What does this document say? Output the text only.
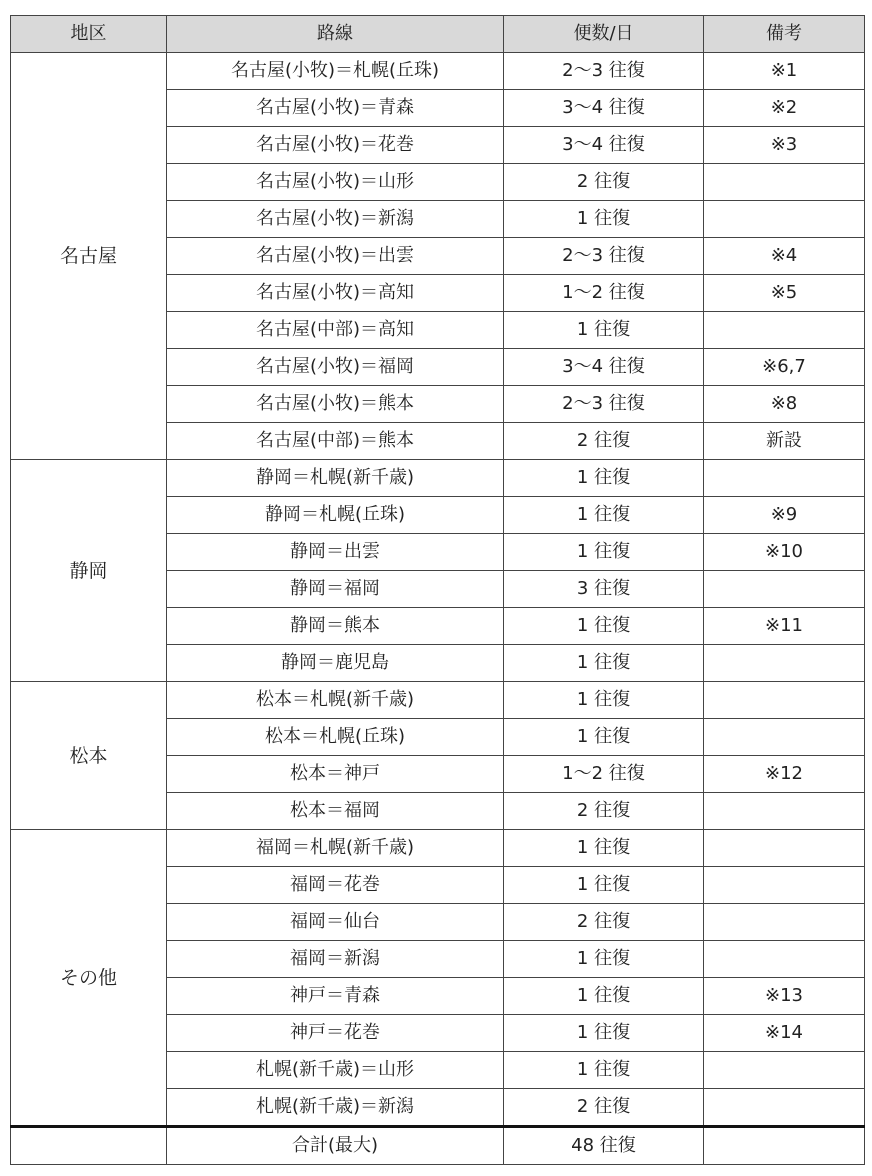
地区	路線	便数/日	備考
名古屋	名古屋(小牧)＝札幌(丘珠)	2〜3 往復	※1
	名古屋(小牧)＝青森	3〜4 往復	※2
	名古屋(小牧)＝花巻	3〜4 往復	※3
	名古屋(小牧)＝山形	2 往復	
	名古屋(小牧)＝新潟	1 往復	
	名古屋(小牧)＝出雲	2〜3 往復	※4
	名古屋(小牧)＝高知	1〜2 往復	※5
	名古屋(中部)＝高知	1 往復	
	名古屋(小牧)＝福岡	3〜4 往復	※6,7
	名古屋(小牧)＝熊本	2〜3 往復	※8
	名古屋(中部)＝熊本	2 往復	新設
静岡	静岡＝札幌(新千歳)	1 往復	
	静岡＝札幌(丘珠)	1 往復	※9
	静岡＝出雲	1 往復	※10
	静岡＝福岡	3 往復	
	静岡＝熊本	1 往復	※11
	静岡＝鹿児島	1 往復	
松本	松本＝札幌(新千歳)	1 往復	
	松本＝札幌(丘珠)	1 往復	
	松本＝神戸	1〜2 往復	※12
	松本＝福岡	2 往復	
その他	福岡＝札幌(新千歳)	1 往復	
	福岡＝花巻	1 往復	
	福岡＝仙台	2 往復	
	福岡＝新潟	1 往復	
	神戸＝青森	1 往復	※13
	神戸＝花巻	1 往復	※14
	札幌(新千歳)＝山形	1 往復	
	札幌(新千歳)＝新潟	2 往復	
	合計(最大)	48 往復	
